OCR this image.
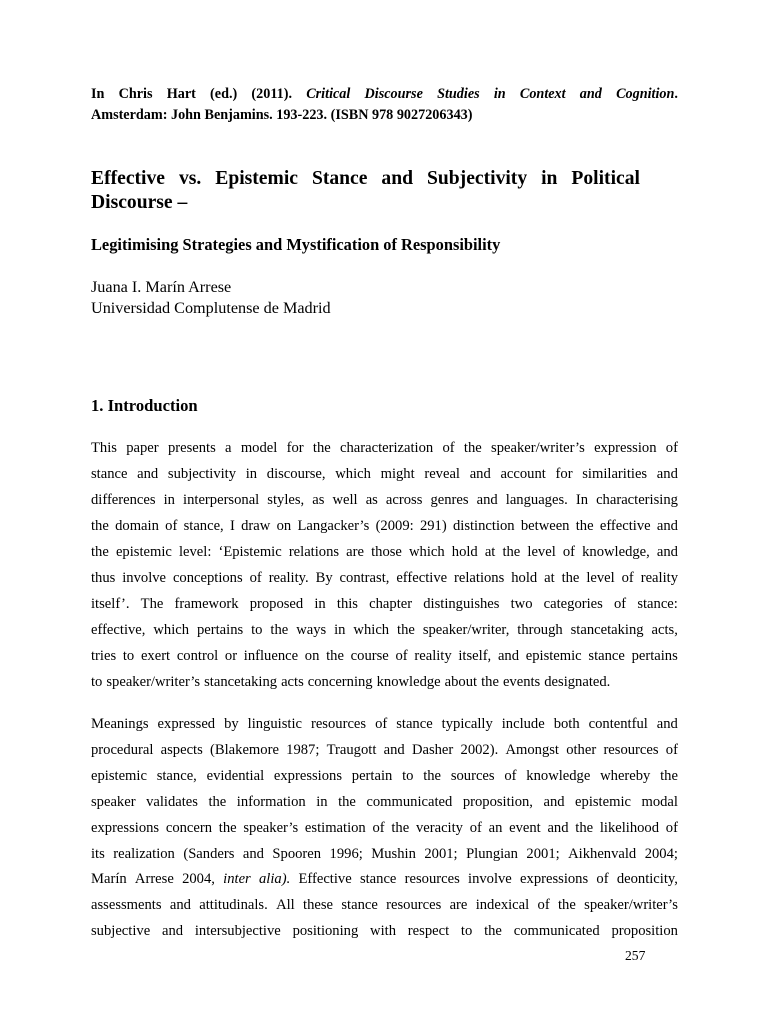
In Chris Hart (ed.) (2011). Critical Discourse Studies in Context and Cognition.
Amsterdam: John Benjamins. 193-223. (ISBN 978 9027206343)
Effective vs. Epistemic Stance and Subjectivity in Political
Discourse –
Legitimising Strategies and Mystification of Responsibility
Juana I. Marín Arrese
Universidad Complutense de Madrid
1. Introduction
This paper presents a model for the characterization of the speaker/writer’s expression of
stance and subjectivity in discourse, which might reveal and account for similarities and
differences in interpersonal styles, as well as across genres and languages. In characterising
the domain of stance, I draw on Langacker’s (2009: 291) distinction between the effective and
the epistemic level: ‘Epistemic relations are those which hold at the level of knowledge, and
thus involve conceptions of reality. By contrast, effective relations hold at the level of reality
itself’. The framework proposed in this chapter distinguishes two categories of stance:
effective, which pertains to the ways in which the speaker/writer, through stancetaking acts,
tries to exert control or influence on the course of reality itself, and epistemic stance pertains
to speaker/writer’s stancetaking acts concerning knowledge about the events designated.
Meanings expressed by linguistic resources of stance typically include both contentful and
procedural aspects (Blakemore 1987; Traugott and Dasher 2002). Amongst other resources of
epistemic stance, evidential expressions pertain to the sources of knowledge whereby the
speaker validates the information in the communicated proposition, and epistemic modal
expressions concern the speaker’s estimation of the veracity of an event and the likelihood of
its realization (Sanders and Spooren 1996; Mushin 2001; Plungian 2001; Aikhenvald 2004;
Marín Arrese 2004, inter alia). Effective stance resources involve expressions of deonticity,
assessments and attitudinals. All these stance resources are indexical of the speaker/writer’s
subjective and intersubjective positioning with respect to the communicated proposition
257
